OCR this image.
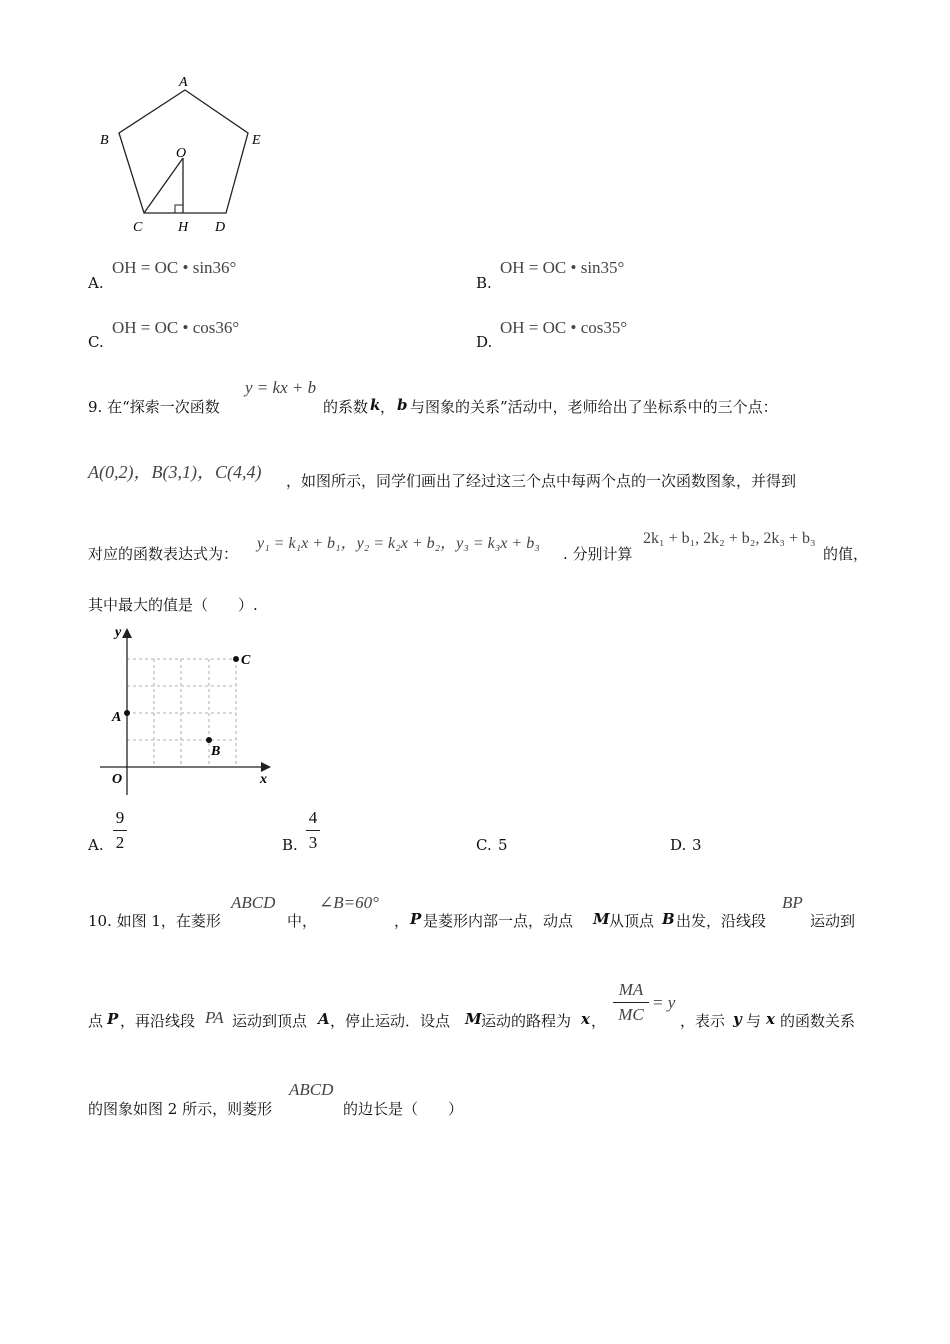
A
B	E
O
C	H D
A.
OH = OC • sin36°
B.
OH = OC • sin35°
C.
OH = OC • cos36°
D.
OH = OC • cos35°
9. 在“探索一次函数
y = kx + b
的系数 k ， b 与图象的关系”活动中，老师给出了坐标系中的三个点：
A(0,2)，B(3,1)，C(4,4) ，如图所示，同学们画出了经过这三个点中每两个点的一次函数图象，并得到
对应的函数表达式为：
y₁ = k₁x + b₁，y₂ = k₂x + b₂，y₃ = k₃x + b₃
. 分别计算
2k₁ + b₁, 2k₂ + b₂, 2k₃ + b₃
的值，
其中最大的值是（　　）.
y
x
O
A
B
C
A.
9
2	B.
4
3	C. 5	D. 3
10. 如图 1，在菱形
ABCD
中，
∠B=60°
， P 是菱形内部一点，动点 M 从顶点 B 出发，沿线段
BP
运动到
点 P ，再沿线段 PA 运动到顶点 A ，停止运动．设点 M 运动的路程为 x ，
MA
MC
= y
，表示 y 与 x 的函数关系
的图象如图 2 所示，则菱形
ABCD
的边长是（　　）
